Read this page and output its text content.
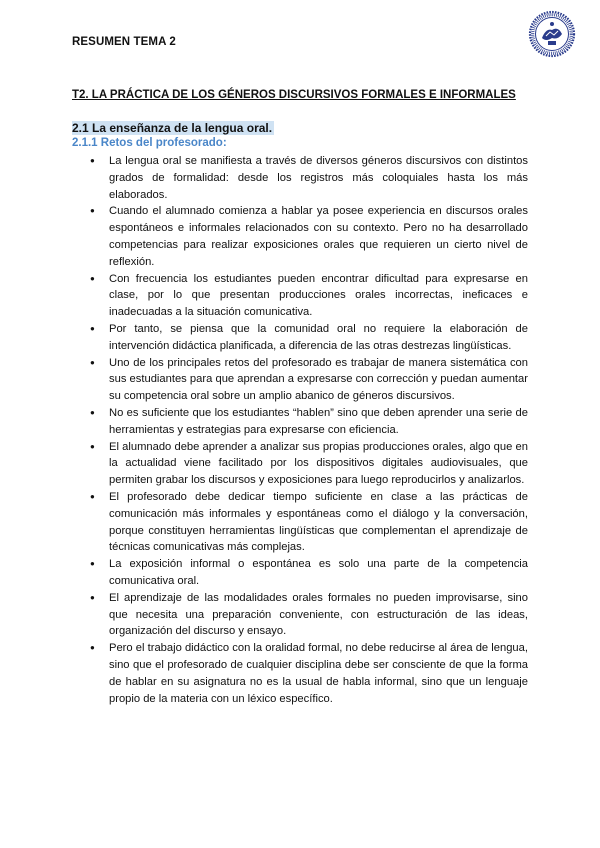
RESUMEN TEMA 2
T2. LA PRÁCTICA DE LOS GÉNEROS DISCURSIVOS FORMALES E INFORMALES
2.1 La enseñanza de la lengua oral.
2.1.1 Retos del profesorado:
● La lengua oral se manifiesta a través de diversos géneros discursivos con distintos grados de formalidad: desde los registros más coloquiales hasta los más elaborados.
● Cuando el alumnado comienza a hablar ya posee experiencia en discursos orales espontáneos e informales relacionados con su contexto. Pero no ha desarrollado competencias para realizar exposiciones orales que requieren un cierto nivel de reflexión.
● Con frecuencia los estudiantes pueden encontrar dificultad para expresarse en clase, por lo que presentan producciones orales incorrectas, ineficaces e inadecuadas a la situación comunicativa.
● Por tanto, se piensa que la comunidad oral no requiere la elaboración de intervención didáctica planificada, a diferencia de las otras destrezas lingüísticas.
● Uno de los principales retos del profesorado es trabajar de manera sistemática con sus estudiantes para que aprendan a expresarse con corrección y puedan aumentar su competencia oral sobre un amplio abanico de géneros discursivos.
● No es suficiente que los estudiantes “hablen” sino que deben aprender una serie de herramientas y estrategias para expresarse con eficiencia.
● El alumnado debe aprender a analizar sus propias producciones orales, algo que en la actualidad viene facilitado por los dispositivos digitales audiovisuales, que permiten grabar los discursos y exposiciones para luego reproducirlos y analizarlos.
● El profesorado debe dedicar tiempo suficiente en clase a las prácticas de comunicación más informales y espontáneas como el diálogo y la conversación, porque constituyen herramientas lingüísticas que complementan el aprendizaje de técnicas comunicativas más complejas.
● La exposición informal o espontánea es solo una parte de la competencia comunicativa oral.
● El aprendizaje de las modalidades orales formales no pueden improvisarse, sino que necesita una preparación conveniente, con estructuración de las ideas, organización del discurso y ensayo.
● Pero el trabajo didáctico con la oralidad formal, no debe reducirse al área de lengua, sino que el profesorado de cualquier disciplina debe ser consciente de que la forma de hablar en su asignatura no es la usual de habla informal, sino que un lenguaje propio de la materia con un léxico específico.
